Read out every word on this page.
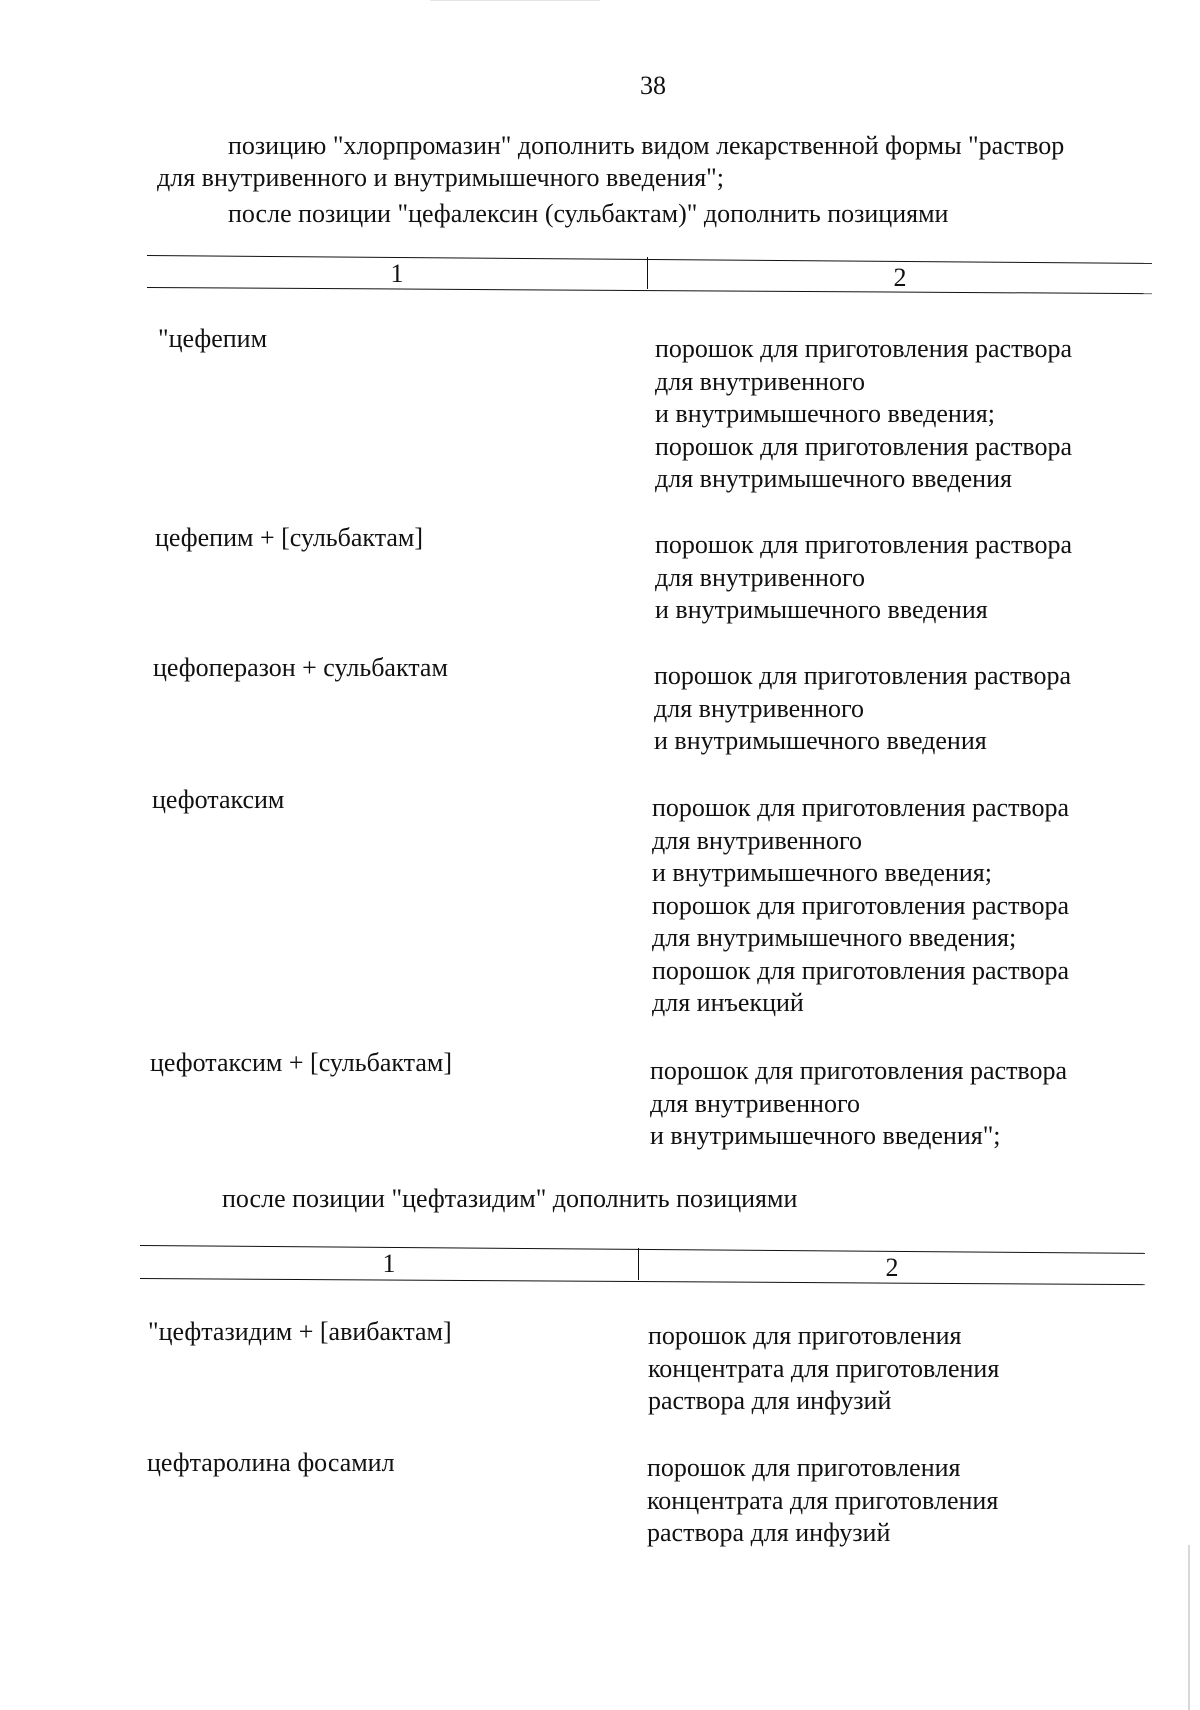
38
позицию "хлорпромазин" дополнить видом лекарственной формы "раствор
для внутривенного и внутримышечного введения";
после позиции "цефалексин (сульбактам)" дополнить позициями
1	2
"цефепим	порошок для приготовления раствора
для внутривенного
и внутримышечного введения;
порошок для приготовления раствора
для внутримышечного введения
цефепим + [сульбактам]	порошок для приготовления раствора
для внутривенного
и внутримышечного введения
цефоперазон + сульбактам	порошок для приготовления раствора
для внутривенного
и внутримышечного введения
цефотаксим	порошок для приготовления раствора
для внутривенного
и внутримышечного введения;
порошок для приготовления раствора
для внутримышечного введения;
порошок для приготовления раствора
для инъекций
цефотаксим + [сульбактам]	порошок для приготовления раствора
для внутривенного
и внутримышечного введения";
после позиции "цефтазидим" дополнить позициями
1	2
"цефтазидим + [авибактам]	порошок для приготовления
концентрата для приготовления
раствора для инфузий
цефтаролина фосамил	порошок для приготовления
концентрата для приготовления
раствора для инфузий
